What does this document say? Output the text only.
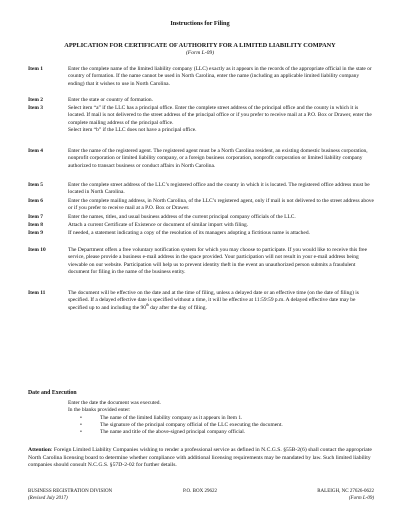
Instructions for Filing
APPLICATION FOR CERTIFICATE OF AUTHORITY FOR A LIMITED LIABILITY COMPANY
(Form L-09)
Item 1	Enter the complete name of the limited liability company (LLC) exactly as it appears in the records of the appropriate official in the state or country of formation. If the name cannot be used in North Carolina, enter the name (including an applicable limited liability company ending) that it wishes to use in North Carolina.
Item 2	Enter the state or country of formation.
Item 3	Select item “a” if the LLC has a principal office. Enter the complete street address of the principal office and the county in which it is located. If mail is not delivered to the street address of the principal office or if you prefer to receive mail at a P.O. Box or Drawer, enter the complete mailing address of the principal office.

Select item “b” if the LLC does not have a principal office.

Item 4	Enter the name of the registered agent. The registered agent must be a North Carolina resident, an existing domestic business corporation, nonprofit corporation or limited liability company, or a foreign business corporation, nonprofit corporation or limited liability company authorized to transact business or conduct affairs in North Carolina.
Item 5	Enter the complete street address of the LLC’s registered office and the county in which it is located. The registered office address must be located in North Carolina.
Item 6	Enter the complete mailing address, in North Carolina, of the LLC’s registered agent, only if mail is not delivered to the street address above or if you prefer to receive mail at a P.O. Box or Drawer.
Item 7	Enter the names, titles, and usual business address of the current principal company officials of the LLC.
Item 8	Attach a current Certificate of Existence or document of similar import with filing.
Item 9	If needed, a statement indicating a copy of the resolution of its managers adopting a fictitious name is attached.
Item 10	The Department offers a free voluntary notification system for which you may choose to participate. If you would like to receive this free service, please provide a business e-mail address in the space provided. Your participation will not result in your e-mail address being viewable on our website. Participation will help us to prevent identity theft in the event an unauthorized person submits a fraudulent document for filing in the name of the business entity.
Item 11	The document will be effective on the date and at the time of filing, unless a delayed date or an effective time (on the date of filing) is specified. If a delayed effective date is specified without a time, it will be effective at 11:59:59 p.m. A delayed effective date may be specified up to and including the 90th day after the day of filing.
Date and Execution

Enter the date the document was executed.

In the blanks provided enter:

•	The name of the limited liability company as it appears in Item 1.
•	The signature of the principal company official of the LLC executing the document.
•	The name and title of the above-signed principal company official.
Attention: Foreign Limited Liability Companies wishing to render a professional service as defined in N.C.G.S. §55B-2(6) shall contact the appropriate North Carolina licensing board to determine whether compliance with additional licensing requirements may be mandated by law. Such limited liability companies should consult N.C.G.S. §57D-2-02 for further details.
BUSINESS REGISTRATION DIVISION
(Revised July 2017)
P.O. BOX 29622	RALEIGH, NC 27626-0622
(Form L-09)
